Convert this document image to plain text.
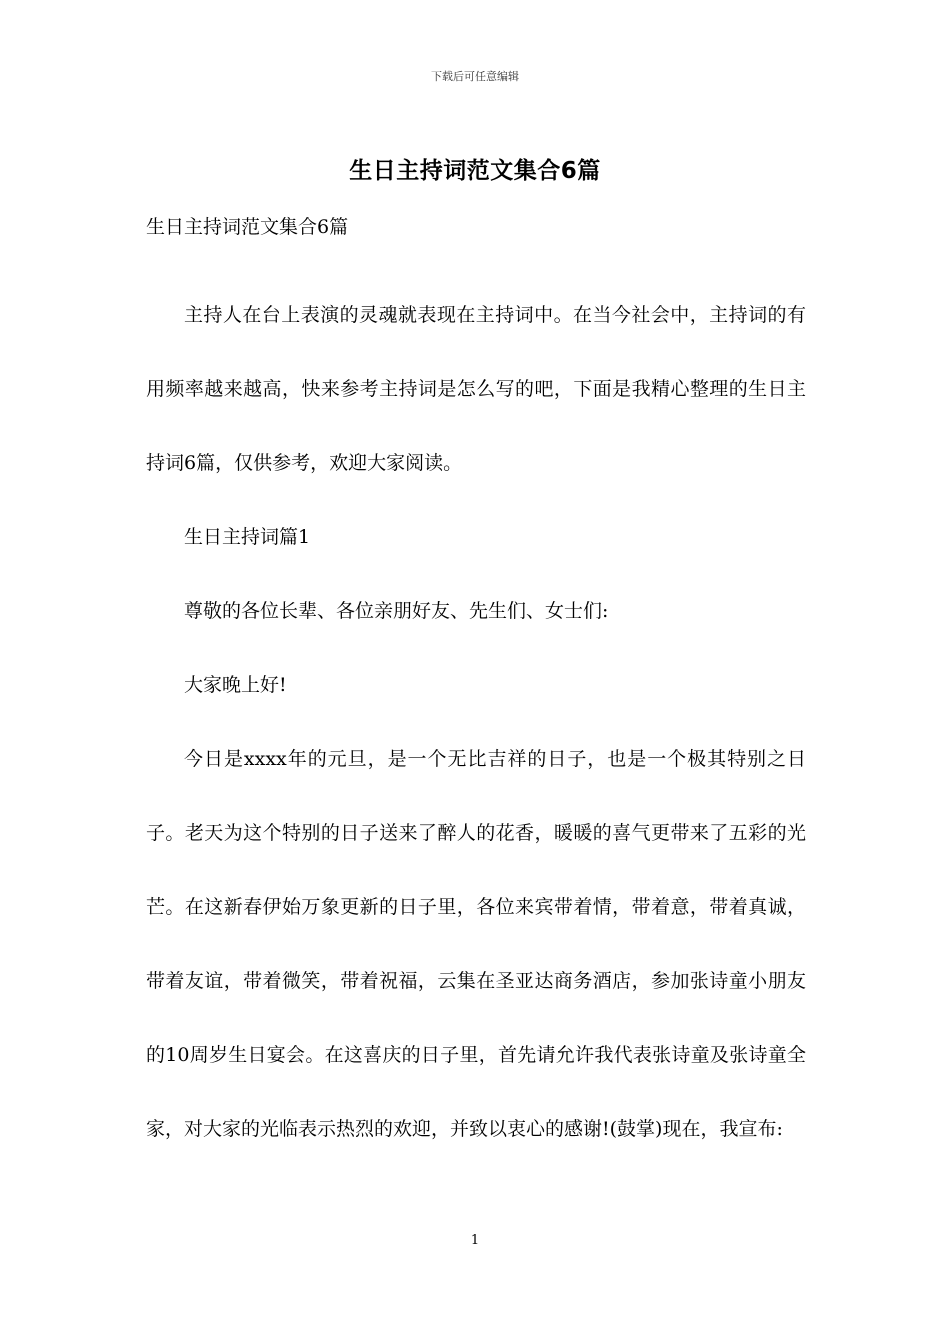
下载后可任意编辑
生日主持词范文集合6篇
生日主持词范文集合6篇

主持人在台上表演的灵魂就表现在主持词中。在当今社会中，主持词的有用频率越来越高，快来参考主持词是怎么写的吧，下面是我精心整理的生日主持词6篇，仅供参考，欢迎大家阅读。

生日主持词篇1

尊敬的各位长辈、各位亲朋好友、先生们、女士们:

大家晚上好!

今日是xxxx年的元旦，是一个无比吉祥的日子，也是一个极其特别之日子。老天为这个特别的日子送来了醉人的花香，暖暖的喜气更带来了五彩的光芒。在这新春伊始万象更新的日子里，各位来宾带着情，带着意，带着真诚，带着友谊，带着微笑，带着祝福，云集在圣亚达商务酒店，参加张诗童小朋友的10周岁生日宴会。在这喜庆的日子里，首先请允许我代表张诗童及张诗童全家，对大家的光临表示热烈的欢迎，并致以衷心的感谢!(鼓掌)现在，我宣布:

1
